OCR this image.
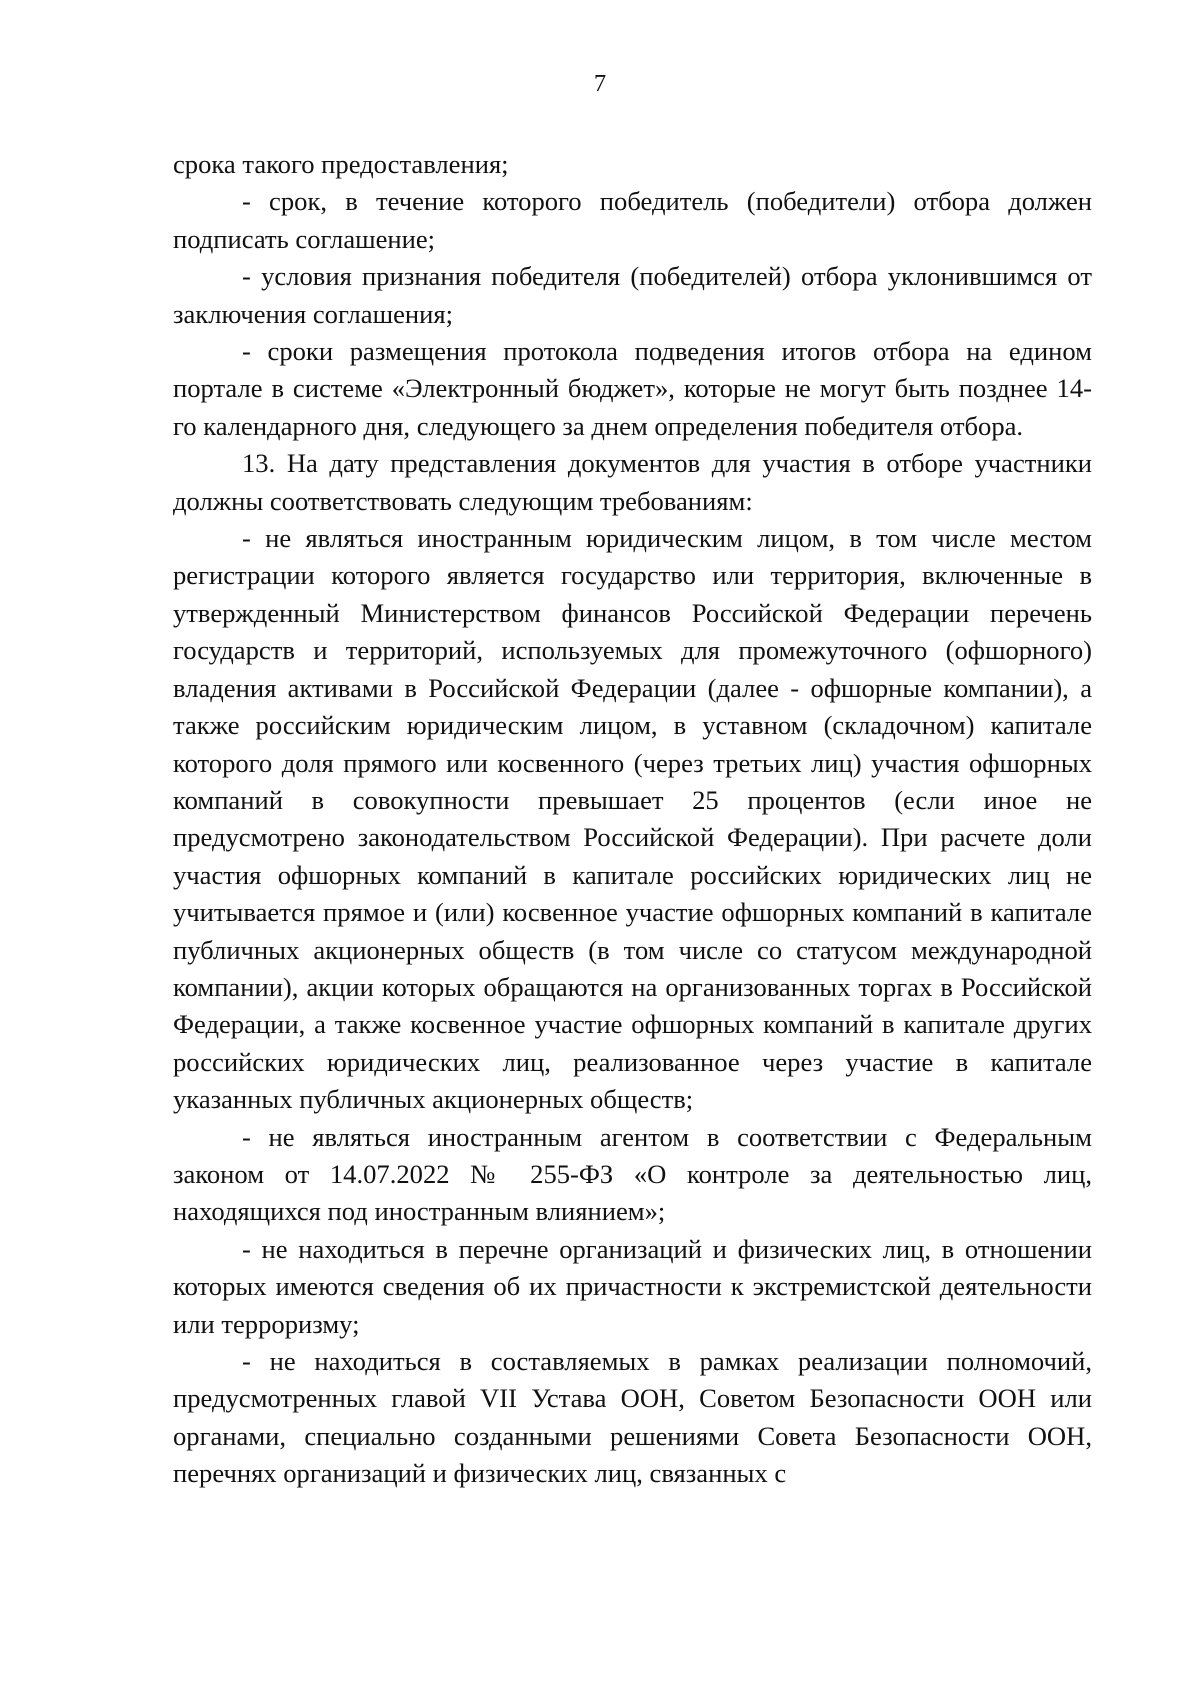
7

срока такого предоставления;

- срок, в течение которого победитель (победители) отбора должен подписать соглашение;

- условия признания победителя (победителей) отбора уклонившимся от заключения соглашения;

- сроки размещения протокола подведения итогов отбора на едином портале в системе «Электронный бюджет», которые не могут быть позднее 14-го календарного дня, следующего за днем определения победителя отбора.

13. На дату представления документов для участия в отборе участники должны соответствовать следующим требованиям:

- не являться иностранным юридическим лицом, в том числе местом регистрации которого является государство или территория, включенные в утвержденный Министерством финансов Российской Федерации перечень государств и территорий, используемых для промежуточного (офшорного) владения активами в Российской Федерации (далее - офшорные компании), а также российским юридическим лицом, в уставном (складочном) капитале которого доля прямого или косвенного (через третьих лиц) участия офшорных компаний в совокупности превышает 25 процентов (если иное не предусмотрено законодательством Российской Федерации). При расчете доли участия офшорных компаний в капитале российских юридических лиц не учитывается прямое и (или) косвенное участие офшорных компаний в капитале публичных акционерных обществ (в том числе со статусом международной компании), акции которых обращаются на организованных торгах в Российской Федерации, а также косвенное участие офшорных компаний в капитале других российских юридических лиц, реализованное через участие в капитале указанных публичных акционерных обществ;

- не являться иностранным агентом в соответствии с Федеральным законом от 14.07.2022 № 255-ФЗ «О контроле за деятельностью лиц, находящихся под иностранным влиянием»;

- не находиться в перечне организаций и физических лиц, в отношении которых имеются сведения об их причастности к экстремистской деятельности или терроризму;

- не находиться в составляемых в рамках реализации полномочий, предусмотренных главой VII Устава ООН, Советом Безопасности ООН или органами, специально созданными решениями Совета Безопасности ООН, перечнях организаций и физических лиц, связанных с
